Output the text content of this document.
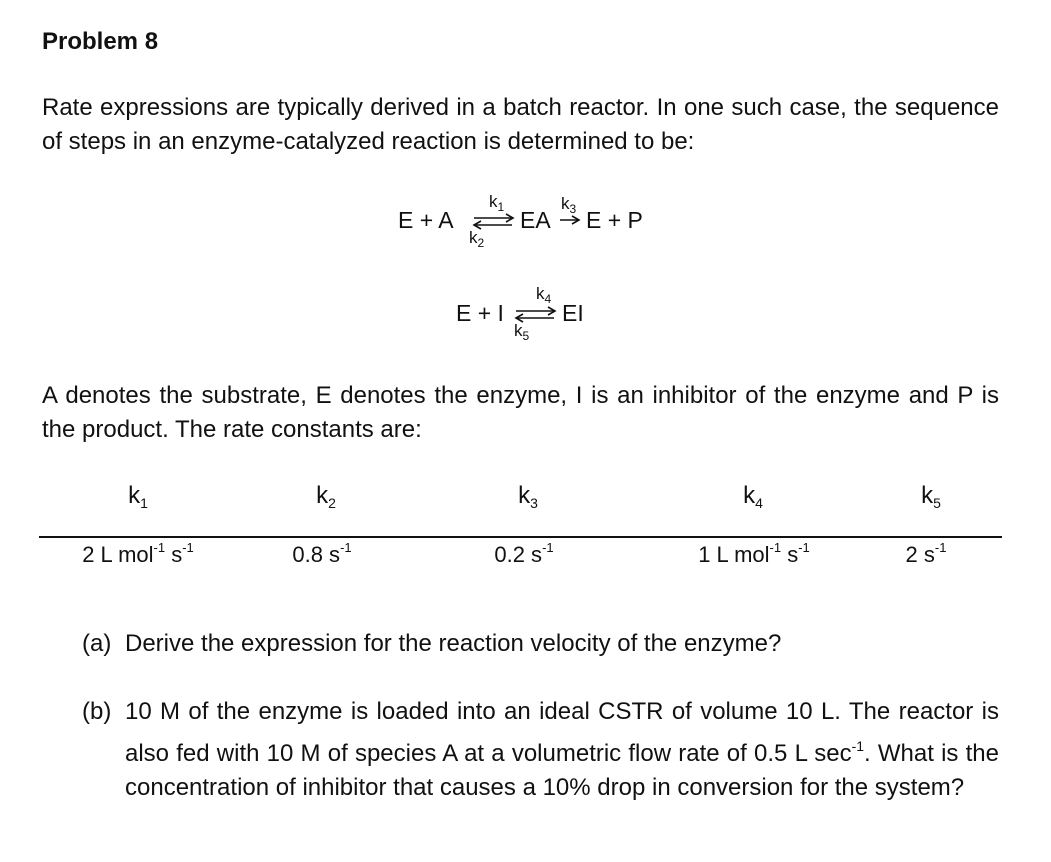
Problem 8
Rate expressions are typically derived in a batch reactor. In one such case, the sequence of steps in an enzyme-catalyzed reaction is determined to be:
E + A
$k_1$
$k_2$
EA
$k_3$ E + P
E + I
$k_4$
$k_5$
EI
A denotes the substrate, E denotes the enzyme, I is an inhibitor of the enzyme and P is the product. The rate constants are:
$k_1$	$k_2$	$k_3$	$k_4$	$k_5$
2 L mol$^{-1}$ $s^{-1}$	0.8 $s^{-1}$	0.2 $s^{-1}$	1 L mol$^{-1}$ $s^{-1}$	2 $s^{-1}$
(a) Derive the expression for the reaction velocity of the enzyme?
(b) 10 M of the enzyme is loaded into an ideal CSTR of volume 10 L. The reactor is also fed with 10 M of species A at a volumetric flow rate of 0.5 L $\sec^{-1}$. What is the concentration of inhibitor that causes a 10% drop in conversion for the system?
